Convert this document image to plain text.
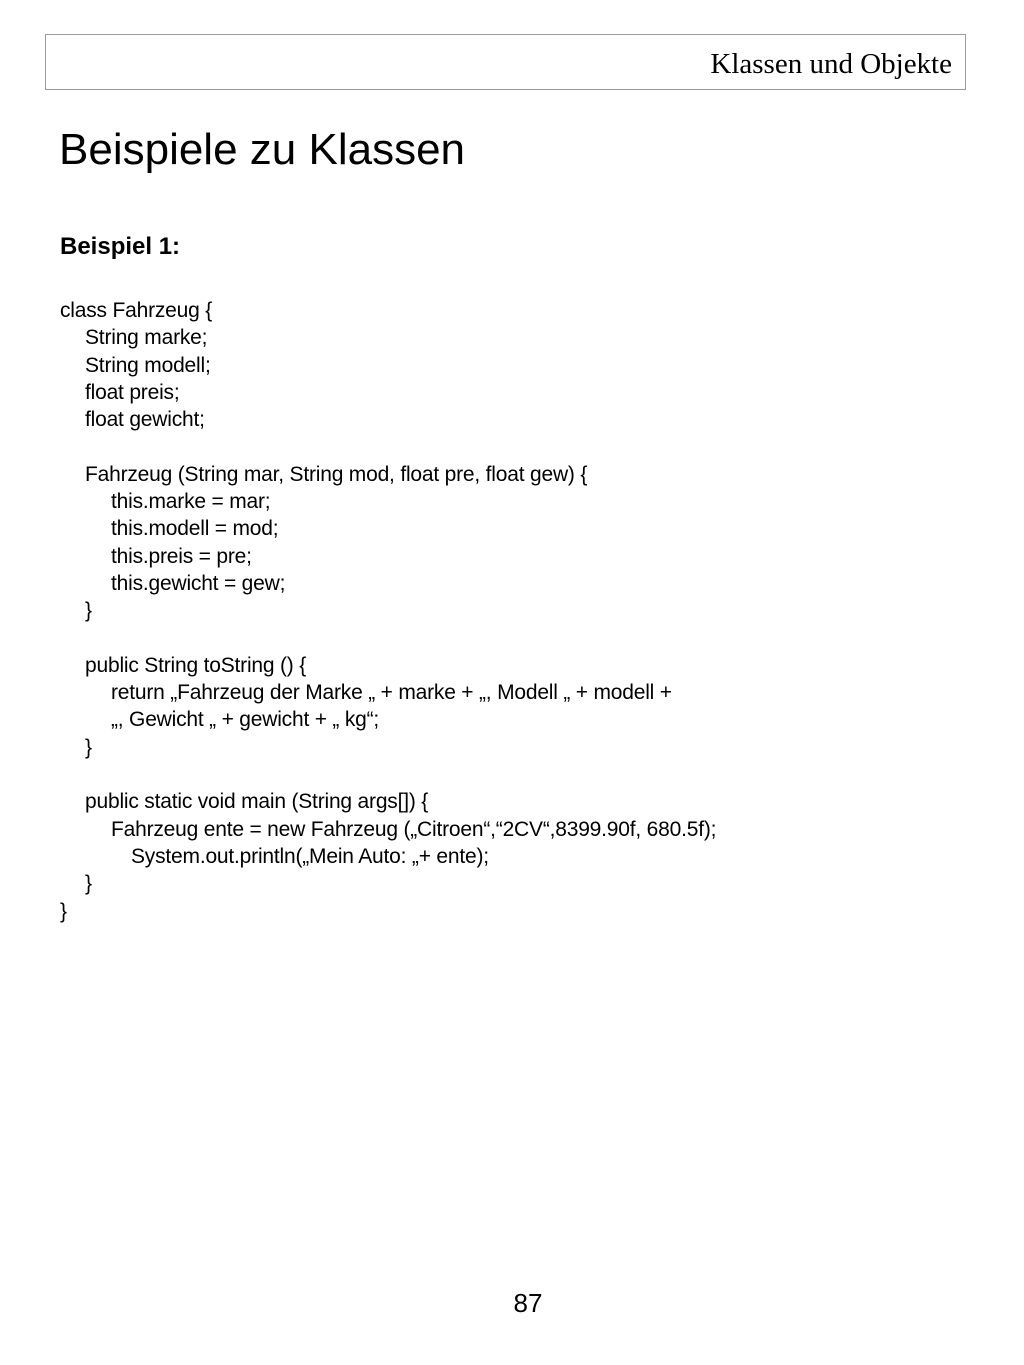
Klassen und Objekte
Beispiele zu Klassen
Beispiel 1:
class Fahrzeug {
String marke;
String modell;
float preis;
float gewicht;
Fahrzeug (String mar, String mod, float pre, float gew) {
this.marke = mar;
this.modell = mod;
this.preis = pre;
this.gewicht = gew;
}
public String toString () {
return „Fahrzeug der Marke „ + marke + „, Modell „ + modell +
„, Gewicht „ + gewicht + „ kg“;
}
public static void main (String args[]) {
Fahrzeug ente = new Fahrzeug („Citroen“,“2CV“,8399.90f, 680.5f);
System.out.println(„Mein Auto: „+ ente);
}
}
87
